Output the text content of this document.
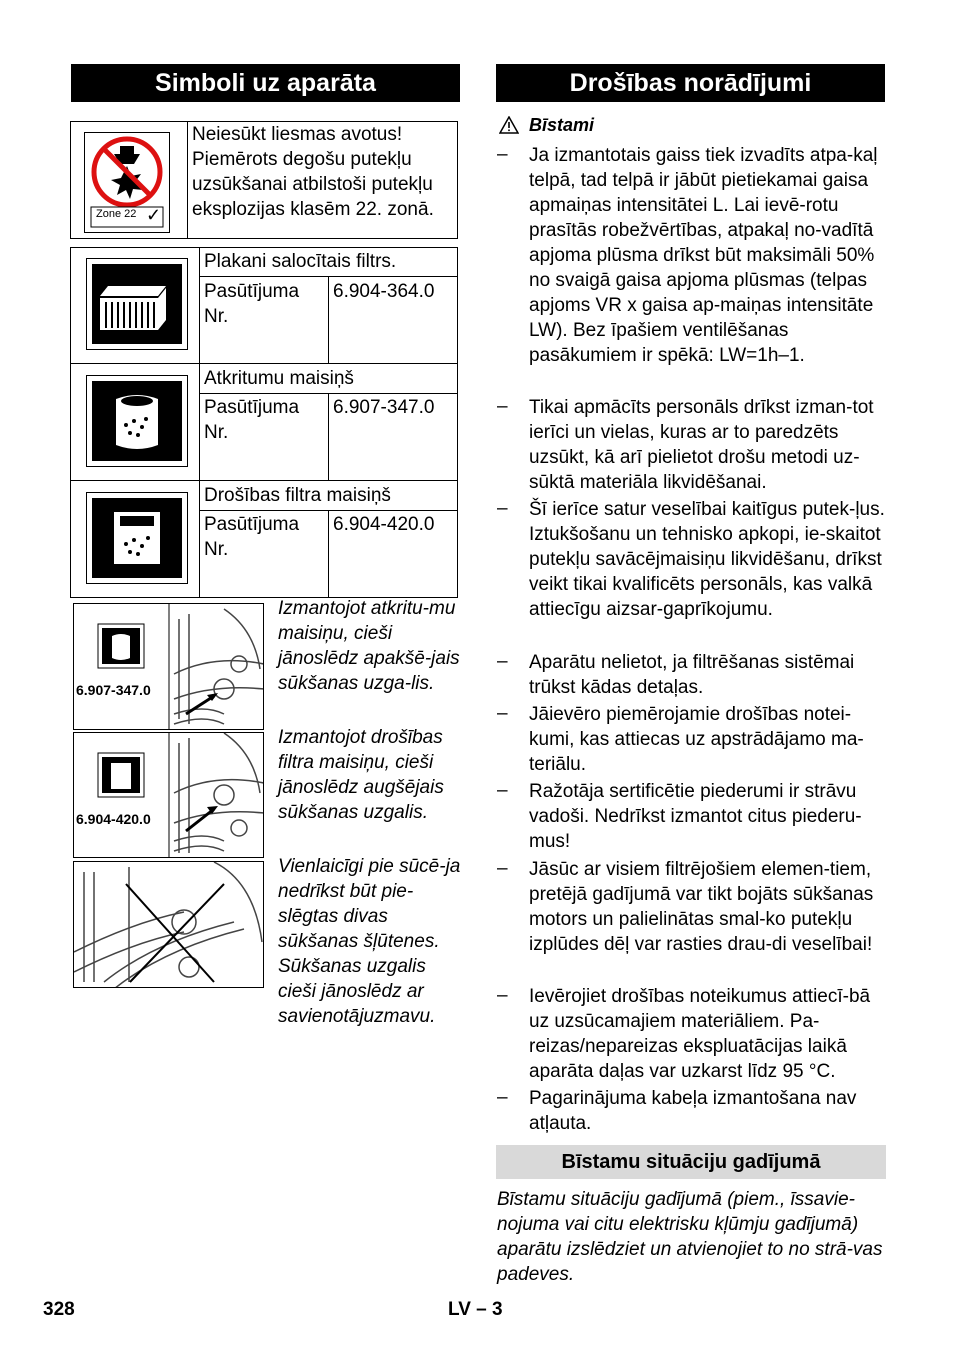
Simboli uz aparāta
Zone 22 ✓
Neiesūkt liesmas avotus! Piemērots degošu putekļu uzsūkšanai atbilstoši putekļu eksplozijas klasēm 22. zonā.
Plakani salocītais filtrs.
Pasūtījuma Nr.
6.904-364.0
Atkritumu maisiņš
Pasūtījuma Nr.
6.907-347.0
Drošības filtra maisiņš
Pasūtījuma Nr.
6.904-420.0
6.907-347.0
Izmantojot atkritu-mu maisiņu, cieši jānoslēdz apakšē-jais sūkšanas uzga-lis.
6.904-420.0
Izmantojot drošības filtra maisiņu, cieši jānoslēdz augšējais sūkšanas uzgalis.
Vienlaicīgi pie sūcē-ja nedrīkst būt pie-slēgtas divas sūkšanas šļūtenes. Sūkšanas uzgalis cieši jānoslēdz ar savienotājuzmavu.
Drošības norādījumi
Bīstami
– Ja izmantotais gaiss tiek izvadīts atpa-kaļ telpā, tad telpā ir jābūt pietiekamai gaisa apmaiņas intensitātei L. Lai ievē-rotu prasītās robežvērtības, atpakaļ no-vadītā apjoma plūsma drīkst būt maksimāli 50% no svaigā gaisa apjoma plūsmas (telpas apjoms VR x gaisa ap-maiņas intensitāte LW). Bez īpašiem ventilēšanas pasākumiem ir spēkā: LW=1h–1.
– Tikai apmācīts personāls drīkst izman-tot ierīci un vielas, kuras ar to paredzēts uzsūkt, kā arī pielietot drošu metodi uz-sūktā materiāla likvidēšanai.
– Šī ierīce satur veselībai kaitīgus putek-ļus. Iztukšošanu un tehnisko apkopi, ie-skaitot putekļu savācējmaisiņu likvidēšanu, drīkst veikt tikai kvalificēts personāls, kas valkā attiecīgu aizsar-gaprīkojumu.
– Aparātu nelietot, ja filtrēšanas sistēmai trūkst kādas detaļas.
– Jāievēro piemērojamie drošības notei-kumi, kas attiecas uz apstrādājamo ma-teriālu.
– Ražotāja sertificētie piederumi ir strāvu vadoši. Nedrīkst izmantot citus piederu-mus!
– Jāsūc ar visiem filtrējošiem elemen-tiem, pretējā gadījumā var tikt bojāts sūkšanas motors un palielinātas smal-ko putekļu izplūdes dēļ var rasties drau-di veselībai!
– Ievērojiet drošības noteikumus attiecī-bā uz uzsūcamajiem materiāliem. Pa-reizas/nepareizas ekspluatācijas laikā aparāta daļas var uzkarst līdz 95 °C.
– Pagarinājuma kabeļa izmantošana nav atļauta.
Bīstamu situāciju gadījumā
Bīstamu situāciju gadījumā (piem., īssavie-nojuma vai citu elektrisku kļūmju gadījumā) aparātu izslēdziet un atvienojiet to no strā-vas padeves.
328	LV – 3
